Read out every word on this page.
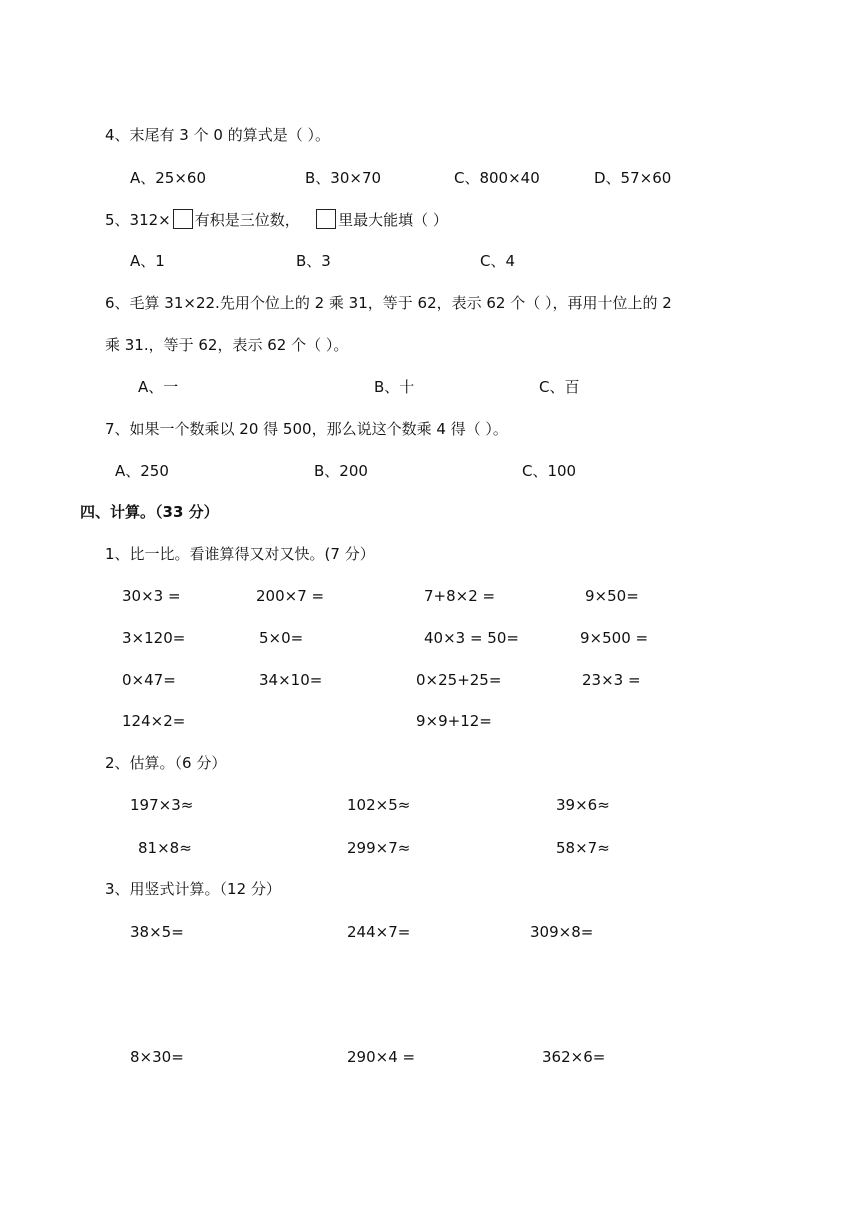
4、末尾有 3 个 0 的算式是（ ）。
A、25×60	B、30×70	C、800×40	D、57×60
5、312× 有积是三位数，	里最大能填（ ）
A、1	B、3	C、4
6、毛算 31×22.先用个位上的 2 乘 31，等于 62，表示 62 个（ ），再用十位上的 2
乘 31.，等于 62，表示 62 个（ ）。
A、一	B、十	C、百
7、如果一个数乘以 20 得 500，那么说这个数乘 4 得（ ）。
A、250	B、200	C、100
四、计算。（33 分）
1、比一比。看谁算得又对又快。(7 分）
30×3 =	200×7 =	7+8×2 =	9×50=
3×120=	5×0=	40×3 = 50=	9×500 =
0×47=	34×10=	0×25+25=	23×3 =
124×2=	9×9+12=
2、估算。（6 分）
197×3≈	102×5≈	39×6≈
81×8≈	299×7≈	58×7≈
3、用竖式计算。（12 分）
38×5=	244×7=	309×8=
8×30=	290×4 =	362×6=
